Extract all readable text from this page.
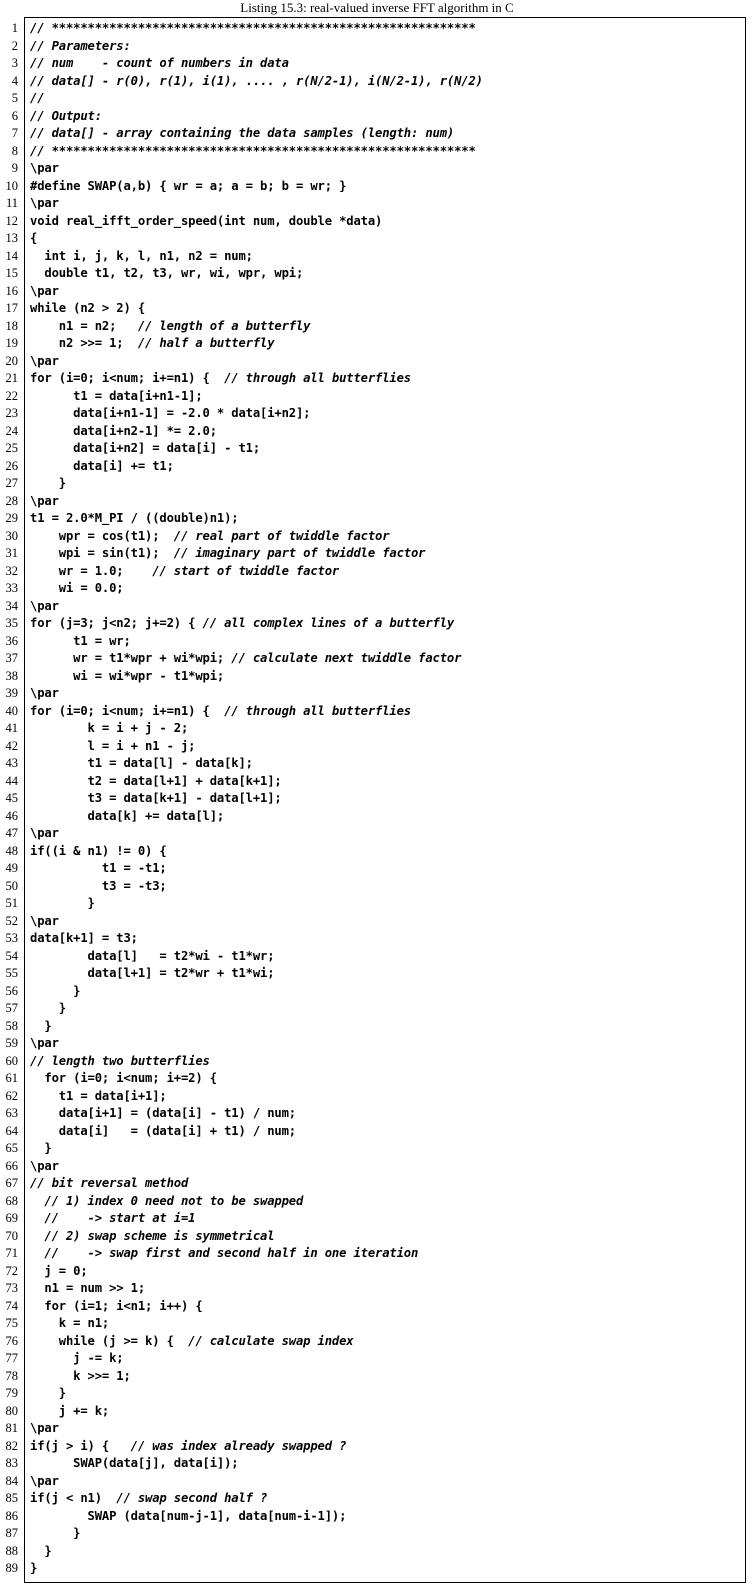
Listing 15.3: real-valued inverse FFT algorithm in C
1 // ***********************************************************
2 // Parameters:
3 // num    - count of numbers in data
4 // data[] - r(0), r(1), i(1), .... , r(N/2-1), i(N/2-1), r(N/2)
5 //
6 // Output:
7 // data[] - array containing the data samples (length: num)
8 // ***********************************************************
9 \par
10 #define SWAP(a,b) { wr = a; a = b; b = wr; }
11 \par
12 void real_ifft_order_speed(int num, double *data)
13 {
14 int i, j, k, l, n1, n2 = num;
15 double t1, t2, t3, wr, wi, wpr, wpi;
16 \par
17 while (n2 > 2) {
18 n1 = n2;   // length of a butterfly
19 n2 >>= 1;  // half a butterfly
20 \par
21 for (i=0; i<num; i+=n1) {  // through all butterflies
22 t1 = data[i+n1-1];
23 data[i+n1-1] = -2.0 * data[i+n2];
24 data[i+n2-1] *= 2.0;
25 data[i+n2] = data[i] - t1;
26 data[i] += t1;
27 }
28 \par
29 t1 = 2.0*M_PI / ((double)n1);
30 wpr = cos(t1);  // real part of twiddle factor
31 wpi = sin(t1);  // imaginary part of twiddle factor
32 wr = 1.0;    // start of twiddle factor
33 wi = 0.0;
34 \par
35 for (j=3; j<n2; j+=2) { // all complex lines of a butterfly
36 t1 = wr;
37 wr = t1*wpr + wi*wpi; // calculate next twiddle factor
38 wi = wi*wpr - t1*wpi;
39 \par
40 for (i=0; i<num; i+=n1) {  // through all butterflies
41 k = i + j - 2;
42 l = i + n1 - j;
43 t1 = data[l] - data[k];
44 t2 = data[l+1] + data[k+1];
45 t3 = data[k+1] - data[l+1];
46 data[k] += data[l];
47 \par
48 if((i & n1) != 0) {
49 t1 = -t1;
50 t3 = -t3;
51 }
52 \par
53 data[k+1] = t3;
54 data[l]   = t2*wi - t1*wr;
55 data[l+1] = t2*wr + t1*wi;
56 }
57 }
58 }
59 \par
60 // length two butterflies
61 for (i=0; i<num; i+=2) {
62 t1 = data[i+1];
63 data[i+1] = (data[i] - t1) / num;
64 data[i]   = (data[i] + t1) / num;
65 }
66 \par
67 // bit reversal method
68	// 1) index 0 need not to be swapped
69	//    -> start at i=1
70	// 2) swap scheme is symmetrical
71	//    -> swap first and second half in one iteration
72 j = 0;
73 n1 = num >> 1;
74 for (i=1; i<n1; i++) {
75 k = n1;
76 while (j >= k) {  // calculate swap index
77 j -= k;
78 k >>= 1;
79 }
80 j += k;
81 \par
82 if(j > i) {   // was index already swapped ?
83 SWAP(data[j], data[i]);
84 \par
85 if(j < n1)  // swap second half ?
86 SWAP (data[num-j-1], data[num-i-1]);
87 }
88 }
89 }
